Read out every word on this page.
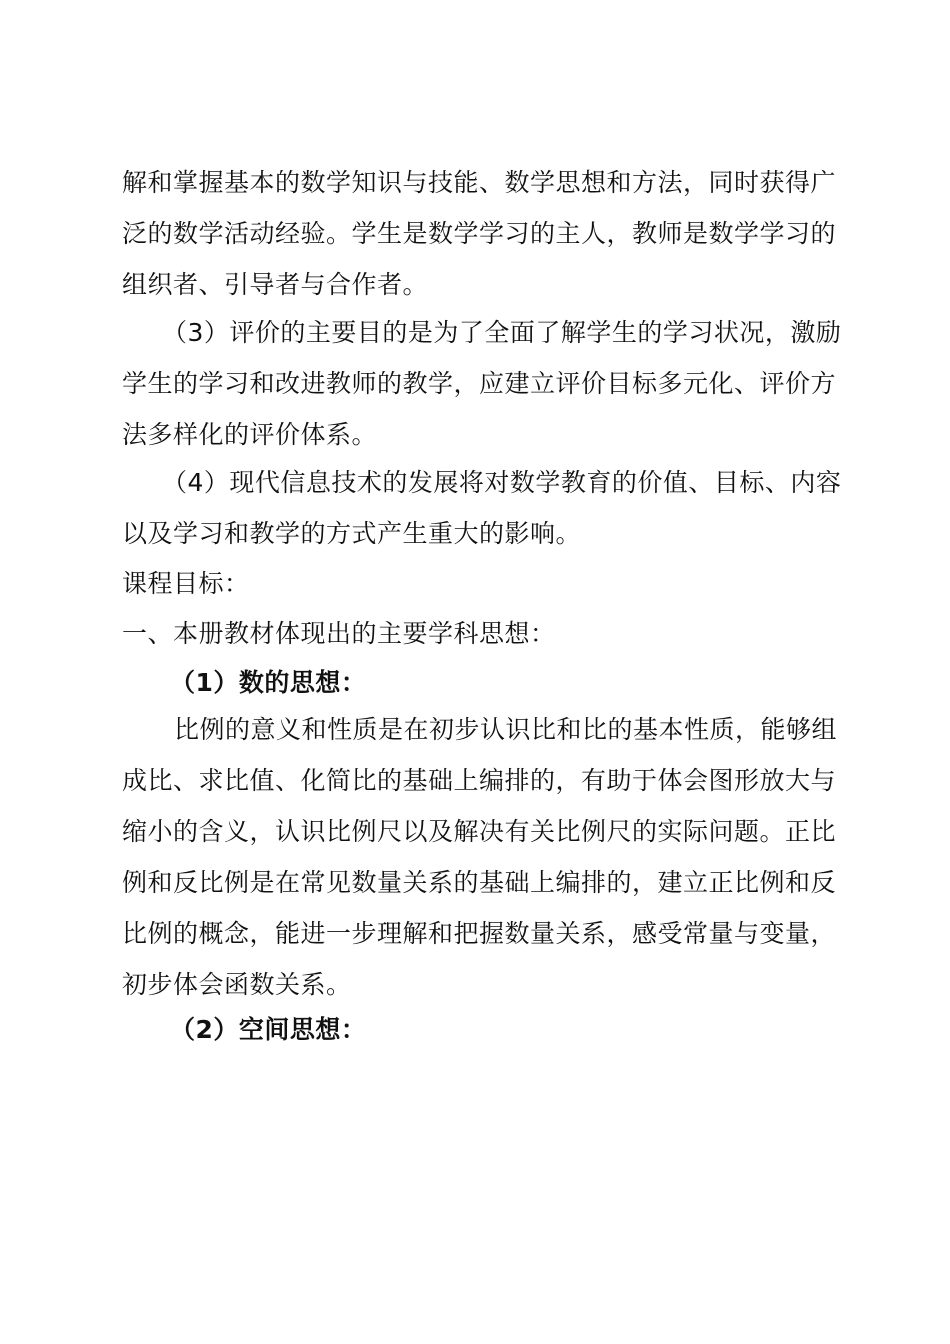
解和掌握基本的数学知识与技能、数学思想和方法，同时获得广
泛的数学活动经验。学生是数学学习的主人，教师是数学学习的
组织者、引导者与合作者。
（3）评价的主要目的是为了全面了解学生的学习状况，激励
学生的学习和改进教师的教学，应建立评价目标多元化、评价方
法多样化的评价体系。
（4）现代信息技术的发展将对数学教育的价值、目标、内容
以及学习和教学的方式产生重大的影响。
课程目标：
一、本册教材体现出的主要学科思想：
（1）数的思想：
比例的意义和性质是在初步认识比和比的基本性质，能够组
成比、求比值、化简比的基础上编排的，有助于体会图形放大与
缩小的含义，认识比例尺以及解决有关比例尺的实际问题。正比
例和反比例是在常见数量关系的基础上编排的，建立正比例和反
比例的概念，能进一步理解和把握数量关系，感受常量与变量，
初步体会函数关系。
（2）空间思想：
